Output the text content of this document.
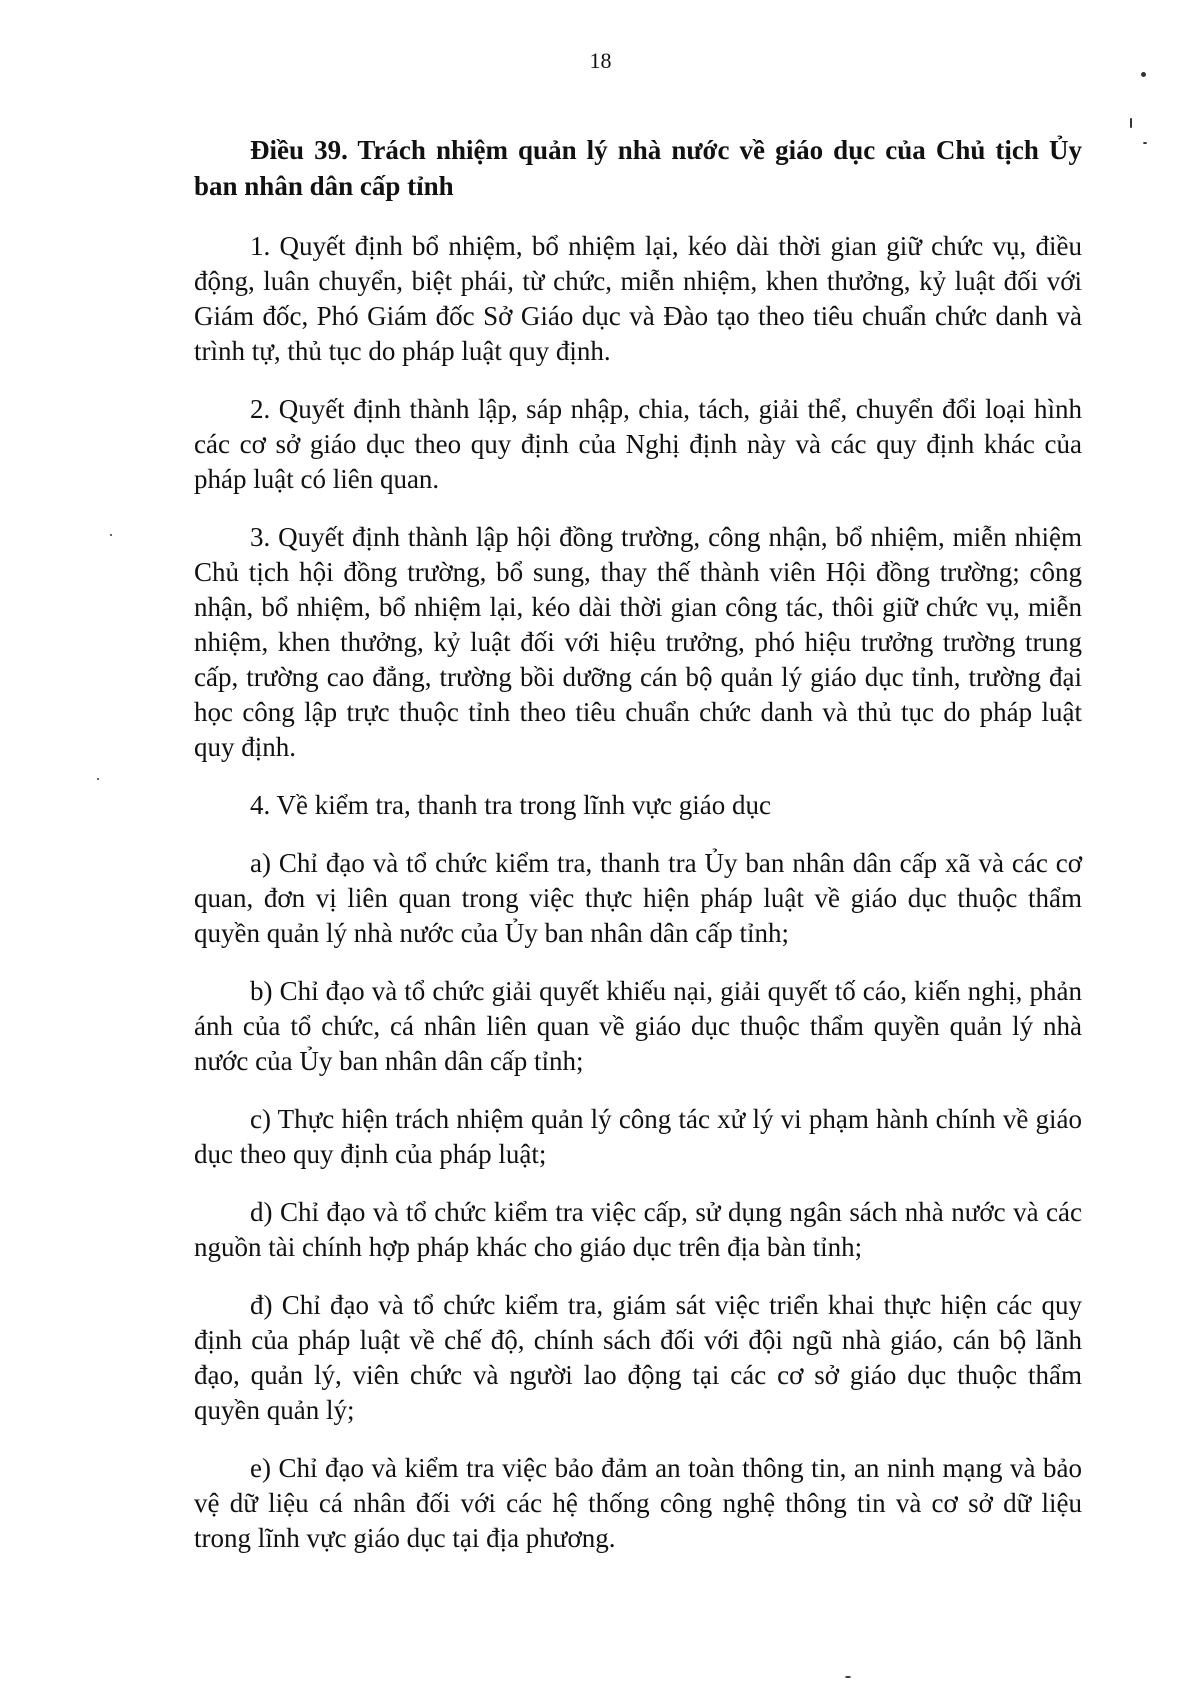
18

Điều 39. Trách nhiệm quản lý nhà nước về giáo dục của Chủ tịch Ủy ban nhân dân cấp tỉnh

1. Quyết định bổ nhiệm, bổ nhiệm lại, kéo dài thời gian giữ chức vụ, điều động, luân chuyển, biệt phái, từ chức, miễn nhiệm, khen thưởng, kỷ luật đối với Giám đốc, Phó Giám đốc Sở Giáo dục và Đào tạo theo tiêu chuẩn chức danh và trình tự, thủ tục do pháp luật quy định.

2. Quyết định thành lập, sáp nhập, chia, tách, giải thể, chuyển đổi loại hình các cơ sở giáo dục theo quy định của Nghị định này và các quy định khác của pháp luật có liên quan.

3. Quyết định thành lập hội đồng trường, công nhận, bổ nhiệm, miễn nhiệm Chủ tịch hội đồng trường, bổ sung, thay thế thành viên Hội đồng trường; công nhận, bổ nhiệm, bổ nhiệm lại, kéo dài thời gian công tác, thôi giữ chức vụ, miễn nhiệm, khen thưởng, kỷ luật đối với hiệu trưởng, phó hiệu trưởng trường trung cấp, trường cao đẳng, trường bồi dưỡng cán bộ quản lý giáo dục tỉnh, trường đại học công lập trực thuộc tỉnh theo tiêu chuẩn chức danh và thủ tục do pháp luật quy định.

4. Về kiểm tra, thanh tra trong lĩnh vực giáo dục

a) Chỉ đạo và tổ chức kiểm tra, thanh tra Ủy ban nhân dân cấp xã và các cơ quan, đơn vị liên quan trong việc thực hiện pháp luật về giáo dục thuộc thẩm quyền quản lý nhà nước của Ủy ban nhân dân cấp tỉnh;

b) Chỉ đạo và tổ chức giải quyết khiếu nại, giải quyết tố cáo, kiến nghị, phản ánh của tổ chức, cá nhân liên quan về giáo dục thuộc thẩm quyền quản lý nhà nước của Ủy ban nhân dân cấp tỉnh;

c) Thực hiện trách nhiệm quản lý công tác xử lý vi phạm hành chính về giáo dục theo quy định của pháp luật;

d) Chỉ đạo và tổ chức kiểm tra việc cấp, sử dụng ngân sách nhà nước và các nguồn tài chính hợp pháp khác cho giáo dục trên địa bàn tỉnh;

đ) Chỉ đạo và tổ chức kiểm tra, giám sát việc triển khai thực hiện các quy định của pháp luật về chế độ, chính sách đối với đội ngũ nhà giáo, cán bộ lãnh đạo, quản lý, viên chức và người lao động tại các cơ sở giáo dục thuộc thẩm quyền quản lý;

e) Chỉ đạo và kiểm tra việc bảo đảm an toàn thông tin, an ninh mạng và bảo vệ dữ liệu cá nhân đối với các hệ thống công nghệ thông tin và cơ sở dữ liệu trong lĩnh vực giáo dục tại địa phương.
